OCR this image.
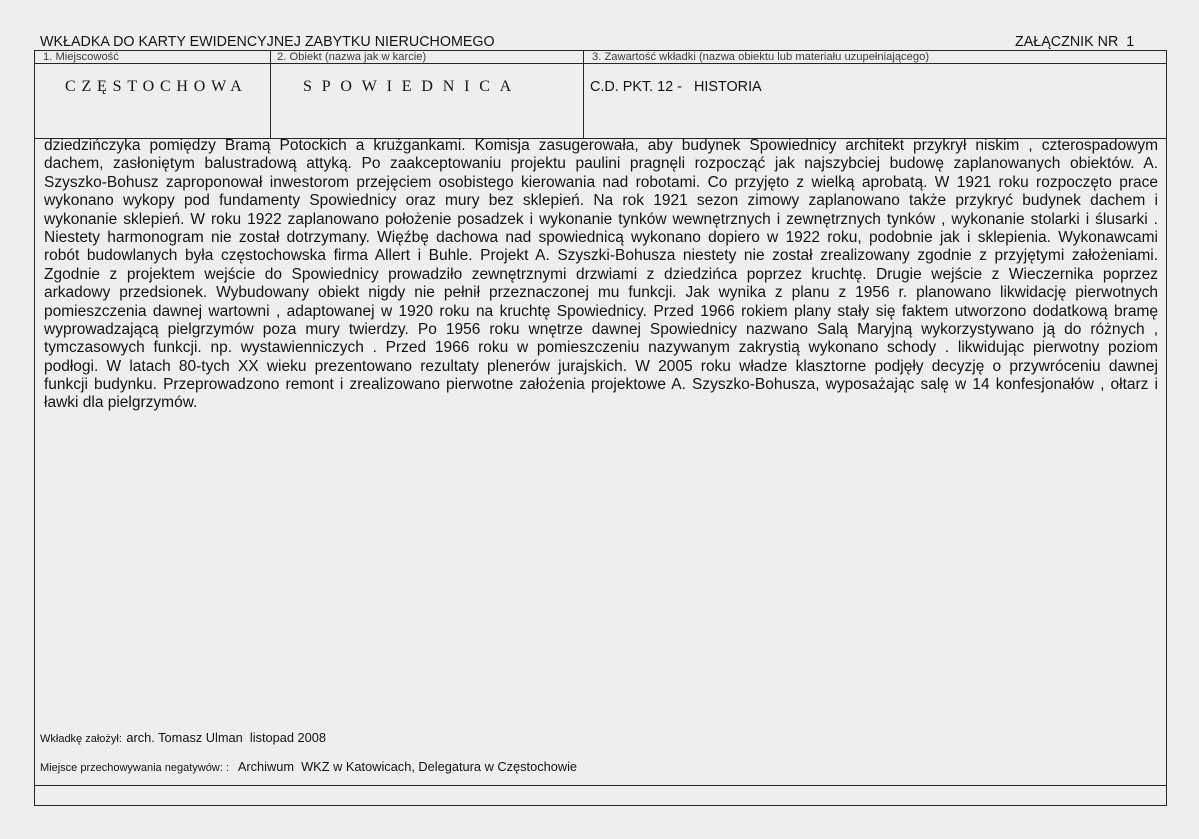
WKŁADKA DO KARTY EWIDENCYJNEJ ZABYTKU NIERUCHOMEGO	ZAŁĄCZNIK NR  1
1. Miejscowość
CZĘSTOCHOWA
2. Obiekt (nazwa jak w karcie)
SPOWIEDNICA
3. Zawartość wkładki (nazwa obiektu lub materiału uzupełniającego)
C.D. PKT. 12 -   HISTORIA
dziedzińczyka pomiędzy Bramą Potockich a krużgankami. Komisja zasugerowała, aby budynek Spowiednicy architekt przykrył niskim , czterospadowym
dachem, zasłoniętym balustradową attyką. Po zaakceptowaniu projektu paulini pragnęli rozpocząć jak najszybciej budowę zaplanowanych obiektów. A.
Szyszko-Bohusz zaproponował inwestorom przejęciem osobistego kierowania nad robotami. Co przyjęto z wielką aprobatą. W 1921 roku rozpoczęto prace
wykonano wykopy pod fundamenty Spowiednicy oraz mury bez sklepień. Na rok 1921 sezon zimowy zaplanowano także przykryć budynek dachem i
wykonanie sklepień. W roku 1922 zaplanowano położenie posadzek i wykonanie tynków wewnętrznych i zewnętrznych tynków , wykonanie stolarki i ślusarki .
Niestety harmonogram nie został dotrzymany. Więźbę dachowa nad spowiednicą wykonano dopiero w 1922 roku, podobnie jak i sklepienia. Wykonawcami
robót budowlanych była częstochowska firma Allert i Buhle. Projekt A. Szyszki-Bohusza niestety nie został zrealizowany zgodnie z przyjętymi założeniami.
Zgodnie z projektem wejście do Spowiednicy prowadziło zewnętrznymi drzwiami z dziedzińca poprzez kruchtę. Drugie wejście z Wieczernika poprzez
arkadowy przedsionek. Wybudowany obiekt nigdy nie pełnił przeznaczonej mu funkcji. Jak wynika z planu z 1956 r. planowano likwidację pierwotnych
pomieszczenia dawnej wartowni , adaptowanej w 1920 roku na kruchtę Spowiednicy. Przed 1966 rokiem plany stały się faktem utworzono dodatkową bramę
wyprowadzającą pielgrzymów poza mury twierdzy. Po 1956 roku wnętrze dawnej Spowiednicy nazwano Salą Maryjną wykorzystywano ją do różnych ,
tymczasowych funkcji. np. wystawienniczych . Przed 1966 roku w pomieszczeniu nazywanym zakrystią wykonano schody . likwidując pierwotny poziom
podłogi. W latach 80-tych XX wieku prezentowano rezultaty plenerów jurajskich. W 2005 roku władze klasztorne podjęły decyzję o przywróceniu dawnej
funkcji budynku. Przeprowadzono remont i zrealizowano pierwotne założenia projektowe A. Szyszko-Bohusza, wyposażając salę w 14 konfesjonałów , ołtarz i
ławki dla pielgrzymów.
Wkładkę założył: arch. Tomasz Ulman  listopad 2008
Miejsce przechowywania negatywów: : Archiwum  WKZ w Katowicach, Delegatura w Częstochowie
